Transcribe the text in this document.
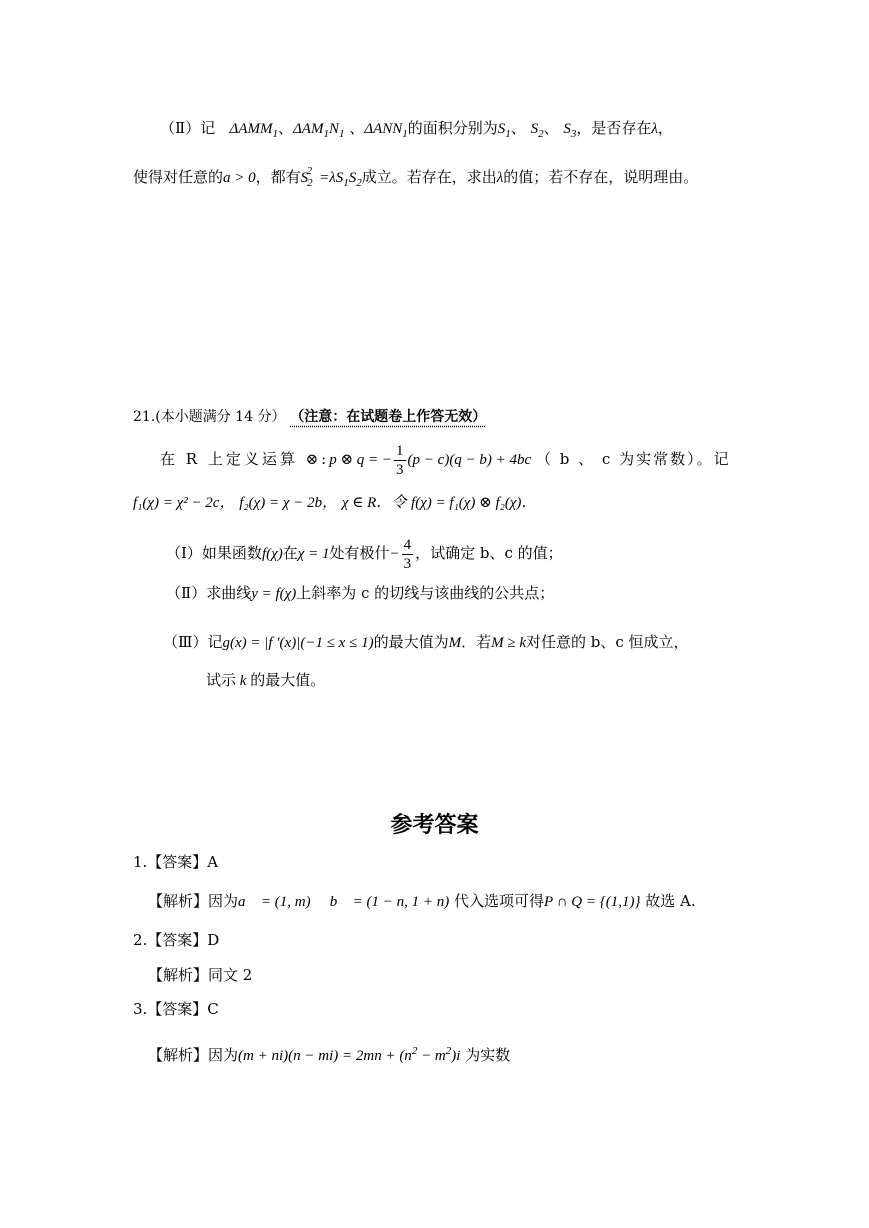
（Ⅱ）记 $\Delta AMM_1$、$\Delta AM_1N_1$ 、$\Delta ANN_1$的面积分别为$S_1$、 $S_2$、 $S_3$，是否存在λ，
使得对任意的a > 0，都有$S_2^2 =\lambda S_1S_2$成立。若存在，求出λ的值；若不存在，说明理由。
21.(本小题满分 14 分） （注意：在试题卷上作答无效）
在 R 上定义运算 ⊗:p ⊗ q = − $\frac{1}{3} (p - c)(q - b) + 4bc$ （ b 、 c 为实常数）。记
f₁(χ) = χ² − 2c， f₂(χ) = χ − 2b， χ ∈ R．令 f(χ) = f₁(χ) ⊗ f₂(χ)．
（Ⅰ）如果函数f(χ)在χ = 1处有极什− $\frac{4}{3}$ ，试确定 b、c 的值；
（Ⅱ）求曲线y = f(χ)上斜率为 c 的切线与该曲线的公共点；
（Ⅲ）记g(x) = |f ′(x)|(−1 ≤ x ≤ 1)的最大值为M．若M ≥ k对任意的 b、c 恒成立，
试示 k 的最大值。
参考答案
1.【答案】A
【解析】因为a⃗ = (1, m) b⃗ = (1 − n, 1 + n) 代入选项可得P ∩ Q = {(1,1)} 故选 A.
2.【答案】D
【解析】同文 2
3.【答案】C
【解析】因为$(m + ni)(n - mi) = 2mn + (n^2 - m^2)i$ 为实数
